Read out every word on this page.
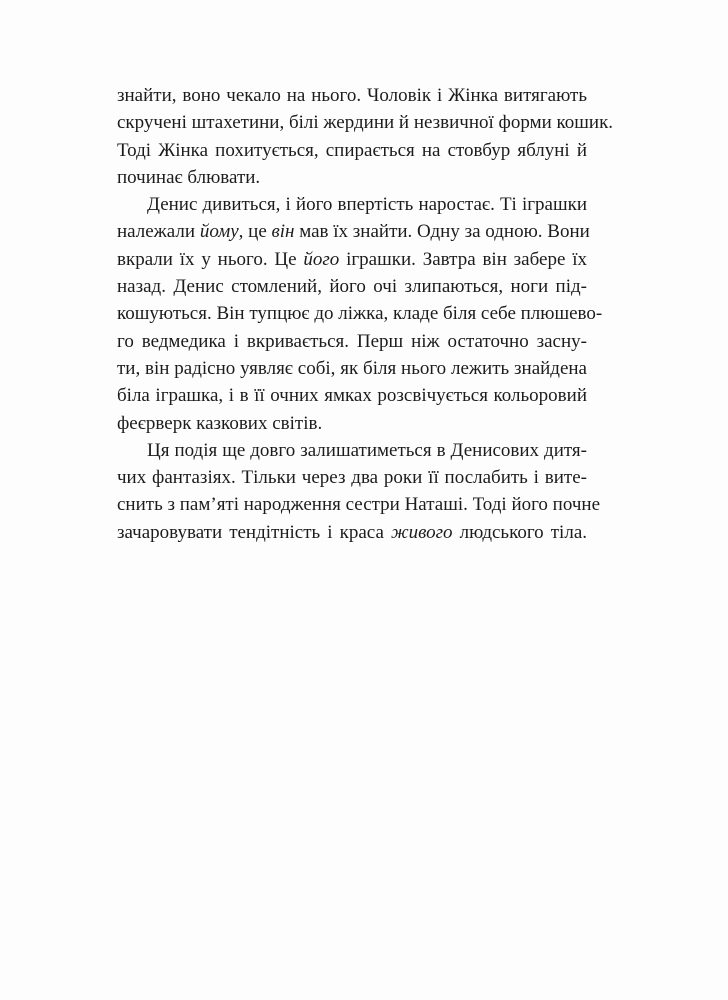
знайти, воно чекало на нього. Чоловік і Жінка витягають
скручені штахетини, білі жердини й незвичної форми кошик.
Тоді Жінка похитується, спирається на стовбур яблуні й
починає блювати.
Денис дивиться, і його впертість наростає. Ті іграшки
належали йому, це він мав їх знайти. Одну за одною. Вони
вкрали їх у нього. Це його іграшки. Завтра він забере їх
назад. Денис стомлений, його очі злипаються, ноги під-
кошуються. Він тупцює до ліжка, кладе біля себе плюшево-
го ведмедика і вкривається. Перш ніж остаточно засну-
ти, він радісно уявляє собі, як біля нього лежить знайдена
біла іграшка, і в її очних ямках розсвічується кольоровий
феєрверк казкових світів.
Ця подія ще довго залишатиметься в Денисових дитя-
чих фантазіях. Тільки через два роки її послабить і вите-
снить з пам’яті народження сестри Наташі. Тоді його почне
зачаровувати тендітність і краса живого людського тіла.
